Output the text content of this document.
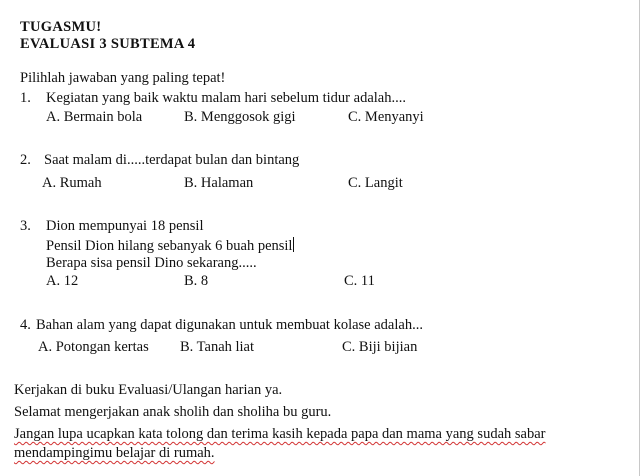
TUGASMU!
EVALUASI 3 SUBTEMA 4
Pilihlah jawaban yang paling tepat!
1. Kegiatan yang baik waktu malam hari sebelum tidur adalah....
A. Bermain bola	B. Menggosok gigi	C. Menyanyi
2. Saat malam di.....terdapat bulan dan bintang
A. Rumah	B. Halaman	C. Langit
3. Dion mempunyai 18 pensil
Pensil Dion hilang sebanyak 6 buah pensil
Berapa sisa pensil Dino sekarang.....
A. 12	B. 8	C. 11
4. Bahan alam yang dapat digunakan untuk membuat kolase adalah...
A. Potongan kertas B. Tanah liat	C. Biji bijian
Kerjakan di buku Evaluasi/Ulangan harian ya.
Selamat mengerjakan anak sholih dan sholiha bu guru.
Jangan lupa ucapkan kata tolong dan terima kasih kepada papa dan mama yang sudah sabar
mendampingimu belajar di rumah.
